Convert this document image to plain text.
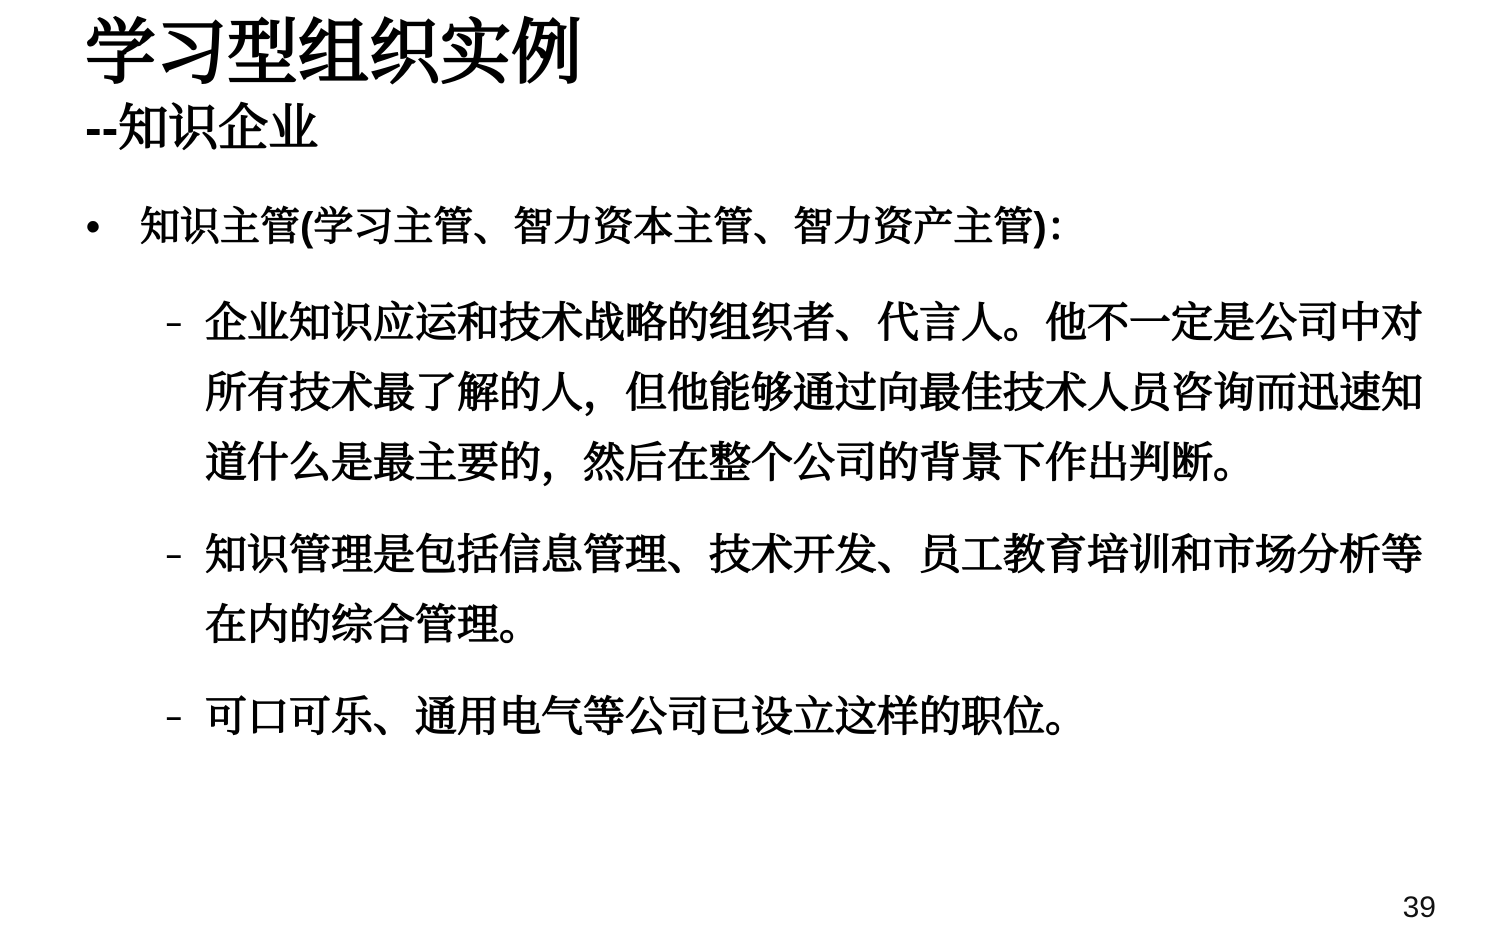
学习型组织实例
--知识企业
• 知识主管(学习主管、智力资本主管、智力资产主管)：
– 企业知识应运和技术战略的组织者、代言人。他不一定是公司中对所有技术最了解的人，但他能够通过向最佳技术人员咨询而迅速知道什么是最主要的，然后在整个公司的背景下作出判断。
– 知识管理是包括信息管理、技术开发、员工教育培训和市场分析等在内的综合管理。
– 可口可乐、通用电气等公司已设立这样的职位。
39
